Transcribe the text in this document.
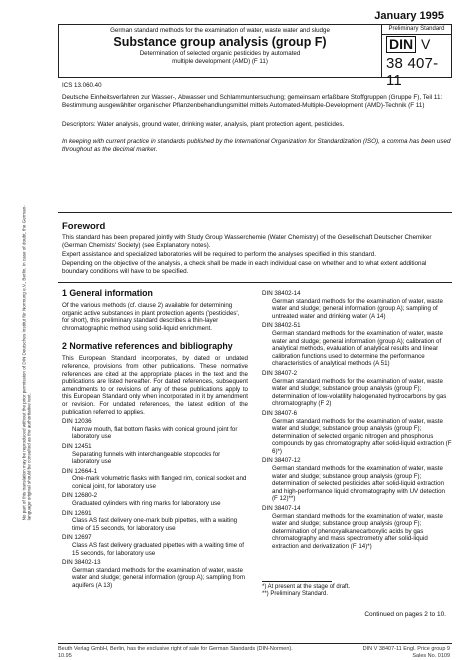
January 1995
German standard methods for the examination of water, waste water and sludge
Substance group analysis (group F)
Determination of selected organic pesticides by automated
multiple development (AMD) (F 11)
Preliminary Standard
DIN V
38 407-11
ICS 13.060.40
Deutsche Einheitsverfahren zur Wasser-, Abwasser und Schlammuntersuchung; gemeinsam erfaßbare Stoffgruppen (Gruppe F), Teil 11: Bestimmung ausgewählter organischer Pflanzenbehandlungsmittel mittels Automated-Multiple-Development (AMD)-Technik (F 11)
Descriptors: Water analysis, ground water, drinking water, analysis, plant protection agent, pesticides.
In keeping with current practice in standards published by the International Organization for Standardization (ISO), a comma has been used throughout as the decimal marker.
Foreword
This standard has been prepared jointly with Study Group Wasserchemie (Water Chemistry) of the Gesellschaft Deutscher Chemiker (German Chemists' Society) (see Explanatory notes).
Expert assistance and specialized laboratories will be required to perform the analyses specified in this standard.
Depending on the objective of the analysis, a check shall be made in each individual case on whether and to what extent additional boundary conditions will have to be specified.
1 General information
Of the various methods (cf. clause 2) available for determining organic active substances in plant protection agents ('pesticides', for short), this preliminary standard describes a thin-layer chromatographic method using solid-liquid enrichment.
2 Normative references and bibliography
This European Standard incorporates, by dated or undated reference, provisions from other publications. These normative references are cited at the appropriate places in the text and the publications are listed hereafter. For dated references, subsequent amendments to or revisions of any of these publications apply to this European Standard only when incorporated in it by amendment or revision. For undated references, the latest edition of the publication referred to applies.
DIN 12036
Narrow mouth, flat bottom flasks with conical ground joint for laboratory use
DIN 12451
Separating funnels with interchangeable stopcocks for laboratory use
DIN 12664-1
One-mark volumetric flasks with flanged rim, conical socket and conical joint, for laboratory use
DIN 12680-2
Graduated cylinders with ring marks for laboratory use
DIN 12691
Class AS fast delivery one-mark bulb pipettes, with a waiting time of 15 seconds, for laboratory use
DIN 12697
Class AS fast delivery graduated pipettes with a waiting time of 15 seconds, for laboratory use
DIN 38402-13
German standard methods for the examination of water, waste water and sludge; general information (group A); sampling from aquifers (A 13)
DIN 38402-14
German standard methods for the examination of water, waste water and sludge; general information (group A); sampling of untreated water and drinking water (A 14)
DIN 38402-51
German standard methods for the examination of water, waste water and sludge; general information (group A); calibration of analytical methods, evaluation of analytical results and linear calibration functions used to determine the performance characteristics of analytical methods (A 51)
DIN 38407-2
German standard methods for the examination of water, waste water and sludge; substance group analysis (group F); determination of low-volatility halogenated hydrocarbons by gas chromatography (F 2)
DIN 38407-6
German standard methods for the examination of water, waste water and sludge; substance group analysis (group F); determination of selected organic nitrogen and phosphorus compounds by gas chromatography after solid-liquid extraction (F 6)*)
DIN 38407-12
German standard methods for the examination of water, waste water and sludge; substance group analysis (group F); determination of selected pesticides after solid-liquid extraction and high-performance liquid chromatography with UV detection (F 12)**)
DIN 38407-14
German standard methods for the examination of water, waste water and sludge; substance group analysis (group F); determination of phenoxyalkanecarboxylic acids by gas chromatography and mass spectrometry after solid-liquid extraction and derivatization (F 14)*)
*) At present at the stage of draft.
**) Preliminary Standard.
Continued on pages 2 to 10.
No part of this translation may be reproduced without the prior permission of DIN Deutsches Institut für Normung e.V., Berlin. In case of doubt, the German-language original should be consulted as the authoritative text.
Beuth Verlag GmbH, Berlin, has the exclusive right of sale for German Standards (DIN-Normen).
10.95
DIN V 38407-11 Engl. Price group 9
Sales No. 0109
